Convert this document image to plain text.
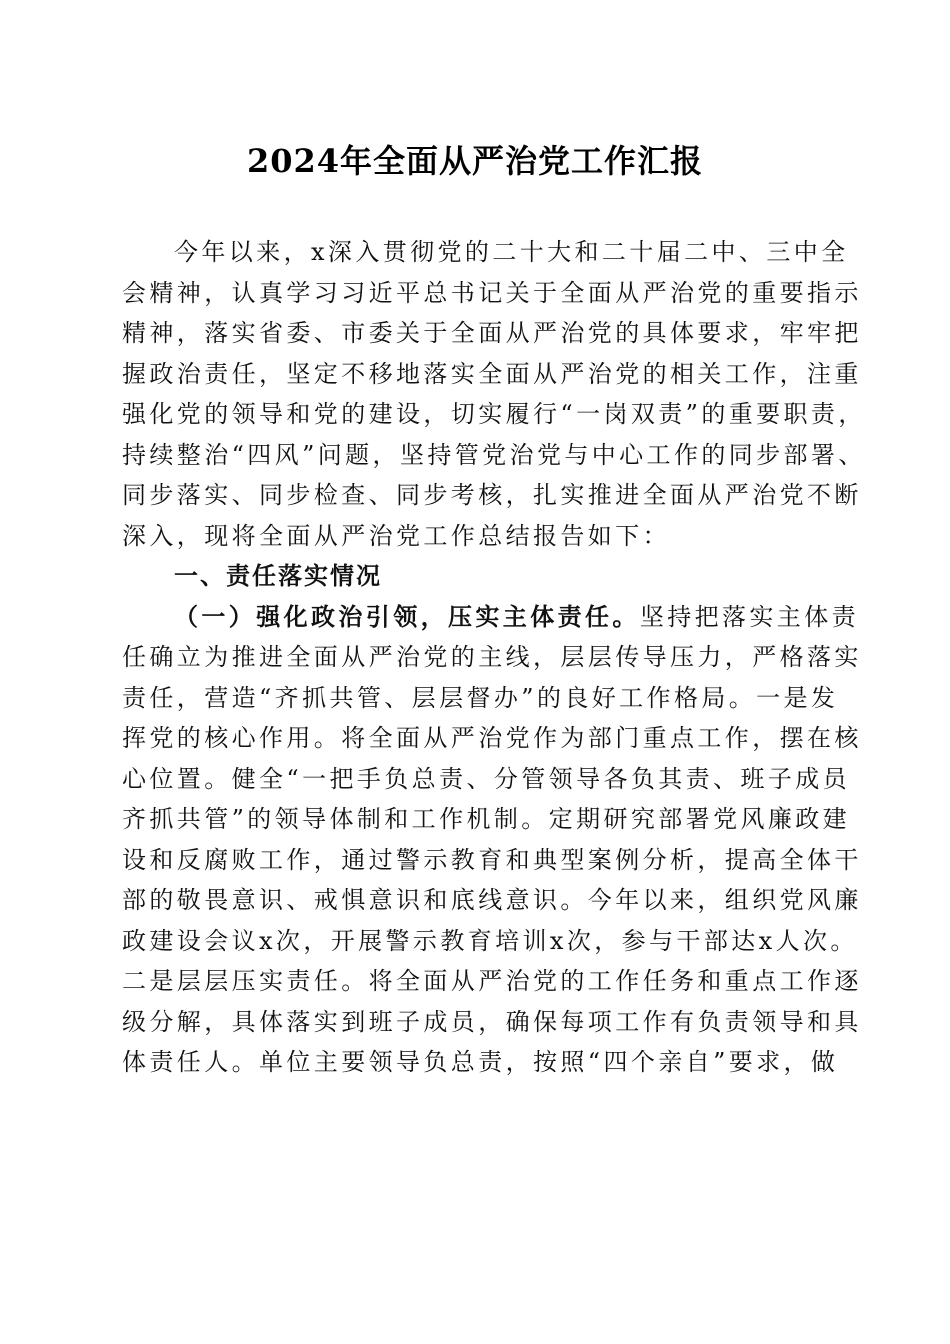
2024年全面从严治党工作汇报
今年以来，x深入贯彻党的二十大和二十届二中、三中全
会精神，认真学习习近平总书记关于全面从严治党的重要指示
精神，落实省委、市委关于全面从严治党的具体要求，牢牢把
握政治责任，坚定不移地落实全面从严治党的相关工作，注重
强化党的领导和党的建设，切实履行“一岗双责”的重要职责，
持续整治“四风”问题，坚持管党治党与中心工作的同步部署、
同步落实、同步检查、同步考核，扎实推进全面从严治党不断
深入，现将全面从严治党工作总结报告如下：
一、责任落实情况
（一）强化政治引领，压实主体责任。坚持把落实主体责
任确立为推进全面从严治党的主线，层层传导压力，严格落实
责任，营造“齐抓共管、层层督办”的良好工作格局。一是发
挥党的核心作用。将全面从严治党作为部门重点工作，摆在核
心位置。健全“一把手负总责、分管领导各负其责、班子成员
齐抓共管”的领导体制和工作机制。定期研究部署党风廉政建
设和反腐败工作，通过警示教育和典型案例分析，提高全体干
部的敬畏意识、戒惧意识和底线意识。今年以来，组织党风廉
政建设会议x次，开展警示教育培训x次，参与干部达x人次。
二是层层压实责任。将全面从严治党的工作任务和重点工作逐
级分解，具体落实到班子成员，确保每项工作有负责领导和具
体责任人。单位主要领导负总责，按照“四个亲自”要求，做
